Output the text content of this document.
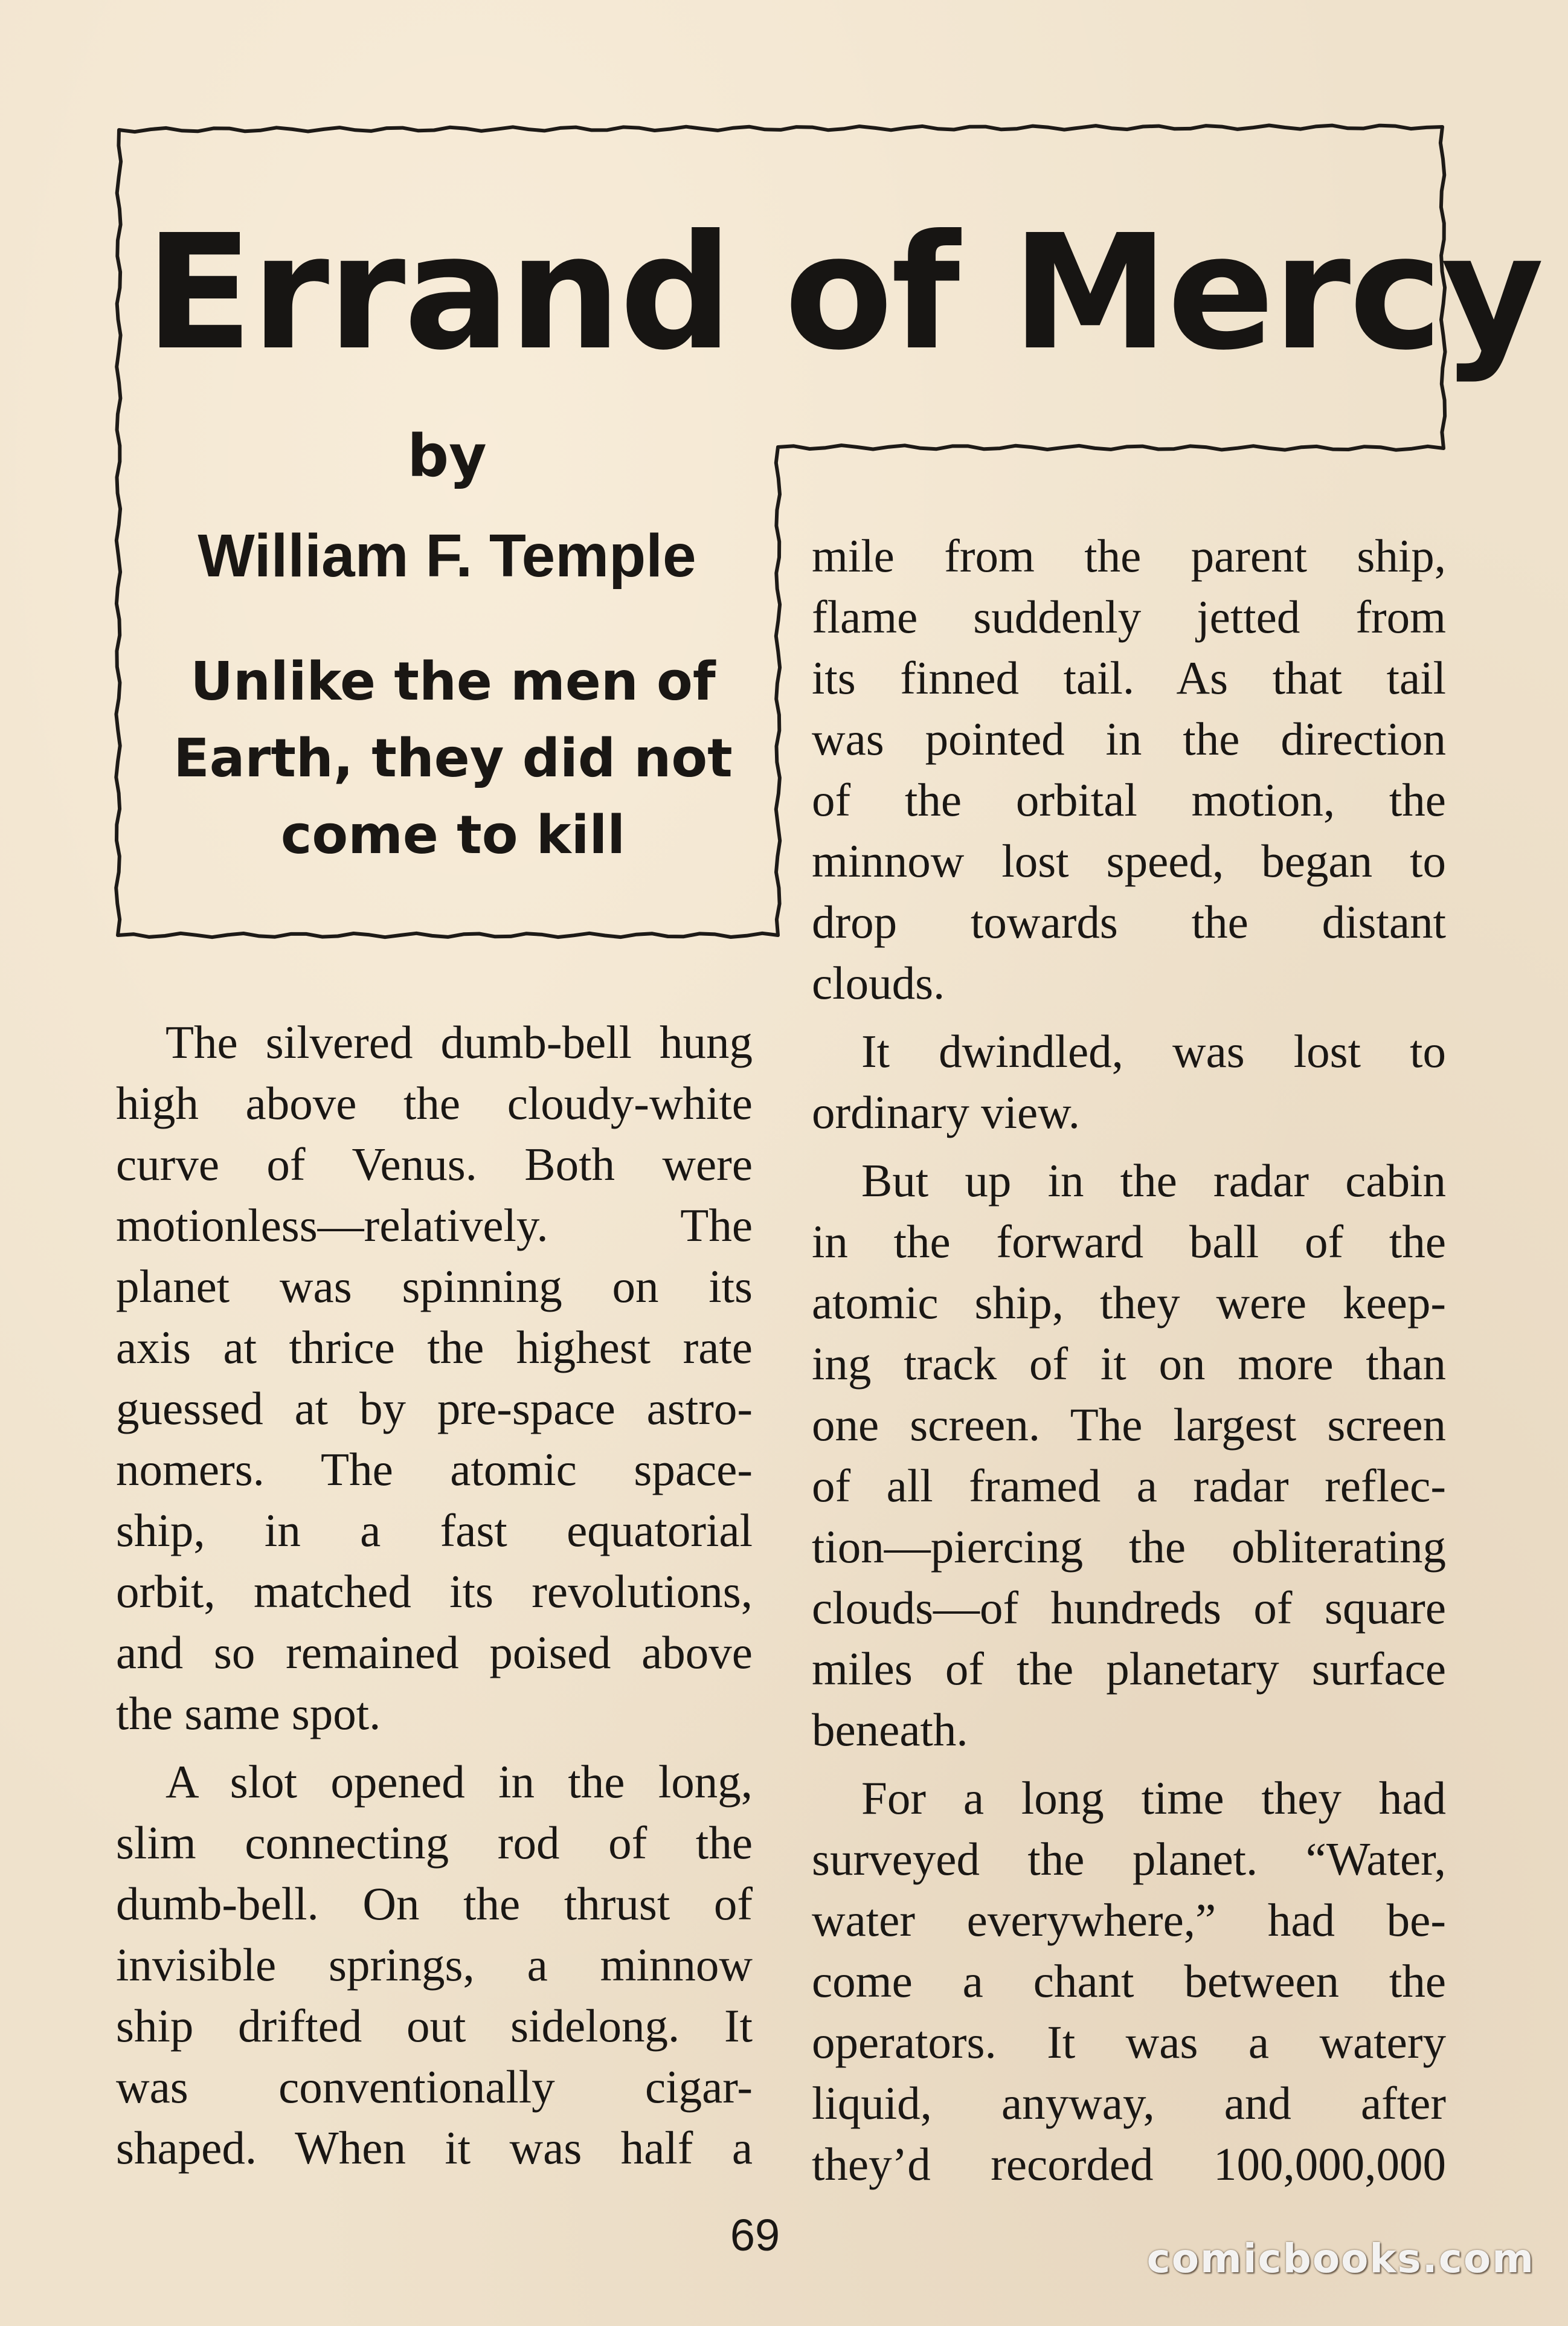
Errand of Mercy
by
William F. Temple
Unlike the men of
Earth, they did not
come to kill
The silvered dumb-bell hung
high above the cloudy-white
curve of Venus. Both were
motionless—relatively. The
planet was spinning on its
axis at thrice the highest rate
guessed at by pre-space astro-
nomers. The atomic space-
ship, in a fast equatorial
orbit, matched its revolutions,
and so remained poised above
the same spot.
A slot opened in the long,
slim connecting rod of the
dumb-bell. On the thrust of
invisible springs, a minnow
ship drifted out sidelong. It
was conventionally cigar-
shaped. When it was half a
mile from the parent ship,
flame suddenly jetted from
its finned tail. As that tail
was pointed in the direction
of the orbital motion, the
minnow lost speed, began to
drop towards the distant
clouds.
It dwindled, was lost to
ordinary view.
But up in the radar cabin
in the forward ball of the
atomic ship, they were keep-
ing track of it on more than
one screen. The largest screen
of all framed a radar reflec-
tion—piercing the obliterating
clouds—of hundreds of square
miles of the planetary surface
beneath.
For a long time they had
surveyed the planet. “Water,
water everywhere,” had be-
come a chant between the
operators. It was a watery
liquid, anyway, and after
they’d recorded 100,000,000
69	comicbooks.com
